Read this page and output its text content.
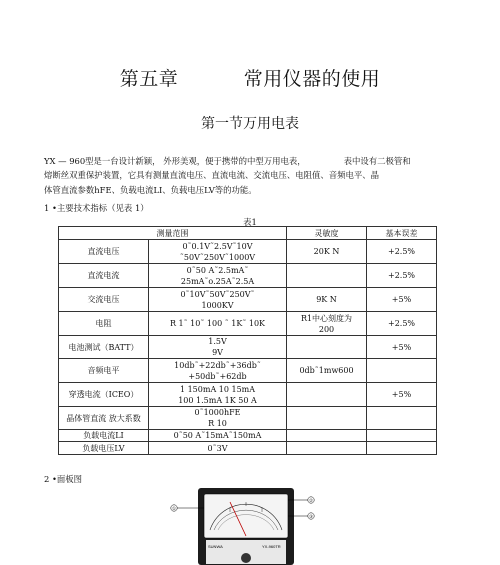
第五章          常用仪器的使用
第一节万用电表
YX — 960型是一台设计新颖， 外形美观，便于携带的中型万用电表，	表中设有二极管和
熔断丝双重保护装置，它具有测量直流电压、直流电流、交流电压、电阻值、音频电平、晶
体管直流参数hFE、负载电流LI、负载电压LV等的功能。
1 •主要技术指标（见表 1）
表1
测量范围		灵敏度	基本误差
直流电压	0˜0.1V˜2.5V˜10V
˜50V˜250V˜1000V	20K Ν	+2.5%
直流电流	0˜50 A˜2.5mA˜
25mA˜o.25A˜2.5A		+2.5%
交流电压	0˜10V˜50V˜250V˜
1000KV	9K Ν	+5%
电阻	R 1˜ 10˜ 100 ˜ 1K˜ 10K	R1中心刻度为
200	+2.5%
电池测试（BATT）	1.5V
9V		+5%
音频电平	10db˜+22db˜+36db˜
+50db˜+62db	0db˜1mw600	
穿透电流（ICEO）	1 150mA 10 15mA
100 1.5mA 1K 50 A		+5%
晶体管直流 放大系数	0˜1000hFE
R 10		

负载电流LI	0˜50 A˜15mA˜150mA		

负载电压LV	0˜3V		

2 •面板图
SUNWA	YX-960TR
①
②
③
